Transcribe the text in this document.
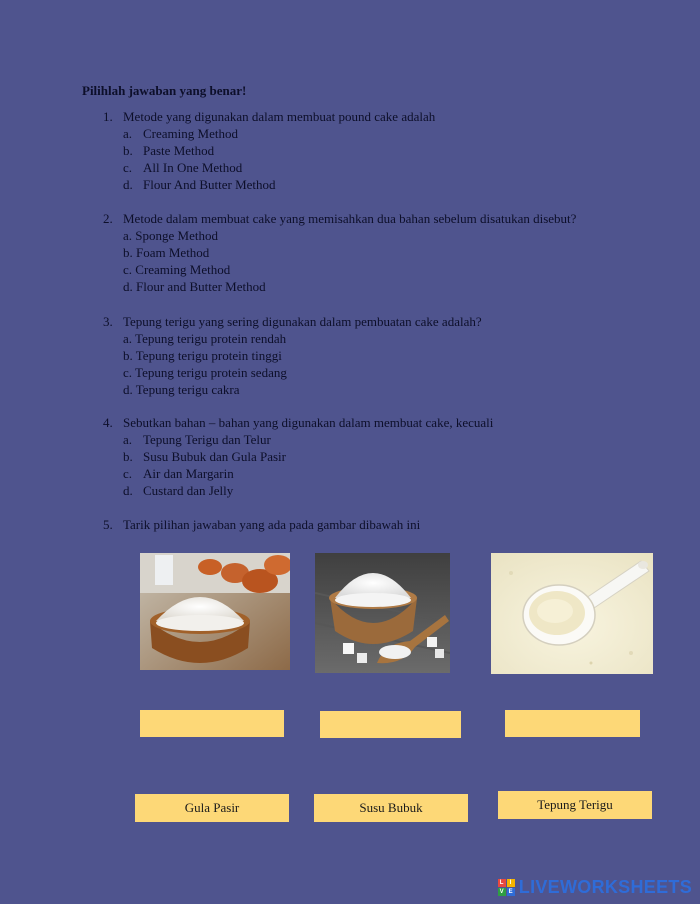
Pilihlah jawaban yang benar!
1. Metode yang digunakan dalam membuat pound cake adalah
a. Creaming Method
b. Paste Method
c. All In One Method
d. Flour And Butter Method
2. Metode dalam membuat cake yang memisahkan dua bahan sebelum disatukan disebut?
a. Sponge Method
b. Foam Method
c. Creaming Method
d. Flour and Butter Method
3. Tepung terigu yang sering digunakan dalam pembuatan cake adalah?
a. Tepung terigu protein rendah
b. Tepung terigu protein tinggi
c. Tepung terigu protein sedang
d. Tepung terigu cakra
4. Sebutkan bahan – bahan yang digunakan dalam membuat cake, kecuali
a. Tepung Terigu dan Telur
b. Susu Bubuk dan Gula Pasir
c. Air dan Margarin
d. Custard dan Jelly
5. Tarik pilihan jawaban yang ada pada gambar dibawah ini
Gula Pasir	Susu Bubuk	Tepung Terigu
L	I
V E LIVEWORKSHEETS
